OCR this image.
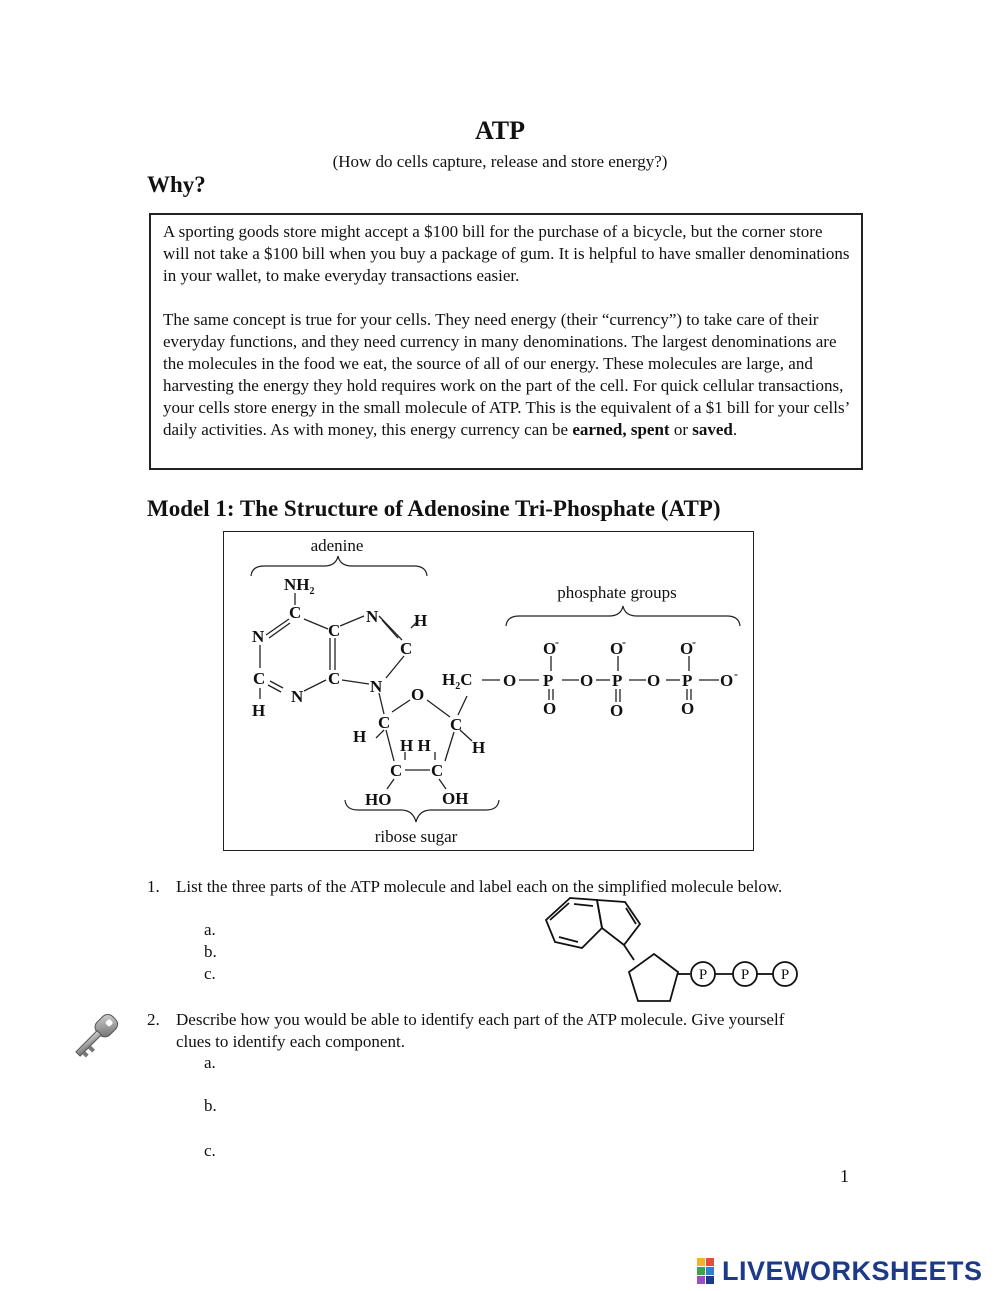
ATP
(How do cells capture, release and store energy?)
Why?

A sporting goods store might accept a $100 bill for the purchase of a bicycle, but the corner store will not take a $100 bill when you buy a package of gum. It is helpful to have smaller denominations in your wallet, to make everyday transactions easier.

The same concept is true for your cells. They need energy (their “currency”) to take care of their everyday functions, and they need currency in many denominations. The largest denominations are the molecules in the food we eat, the source of all of our energy. These molecules are large, and harvesting the energy they hold requires work on the part of the cell. For quick cellular transactions, your cells store energy in the small molecule of ATP. This is the equivalent of a $1 bill for your cells’ daily activities. As with money, this energy currency can be earned, spent or saved.

Model 1: The Structure of Adenosine Tri-Phosphate (ATP)
adenine
phosphate groups
ribose sugar
$NH_2$
C
N	C
N H
C
C
H
N
C N O
C
H
C
H
H H
C C
HO	OH
$H_2C$ O P O P O P O -
O
-	O
-	O
-
O	O	O
1. List the three parts of the ATP molecule and label each on the simplified molecule below.
a.
b.
c.	P P P
2. Describe how you would be able to identify each part of the ATP molecule. Give yourself clues to identify each component.
a.
b.
c.
1
LIVEWORKSHEETS
